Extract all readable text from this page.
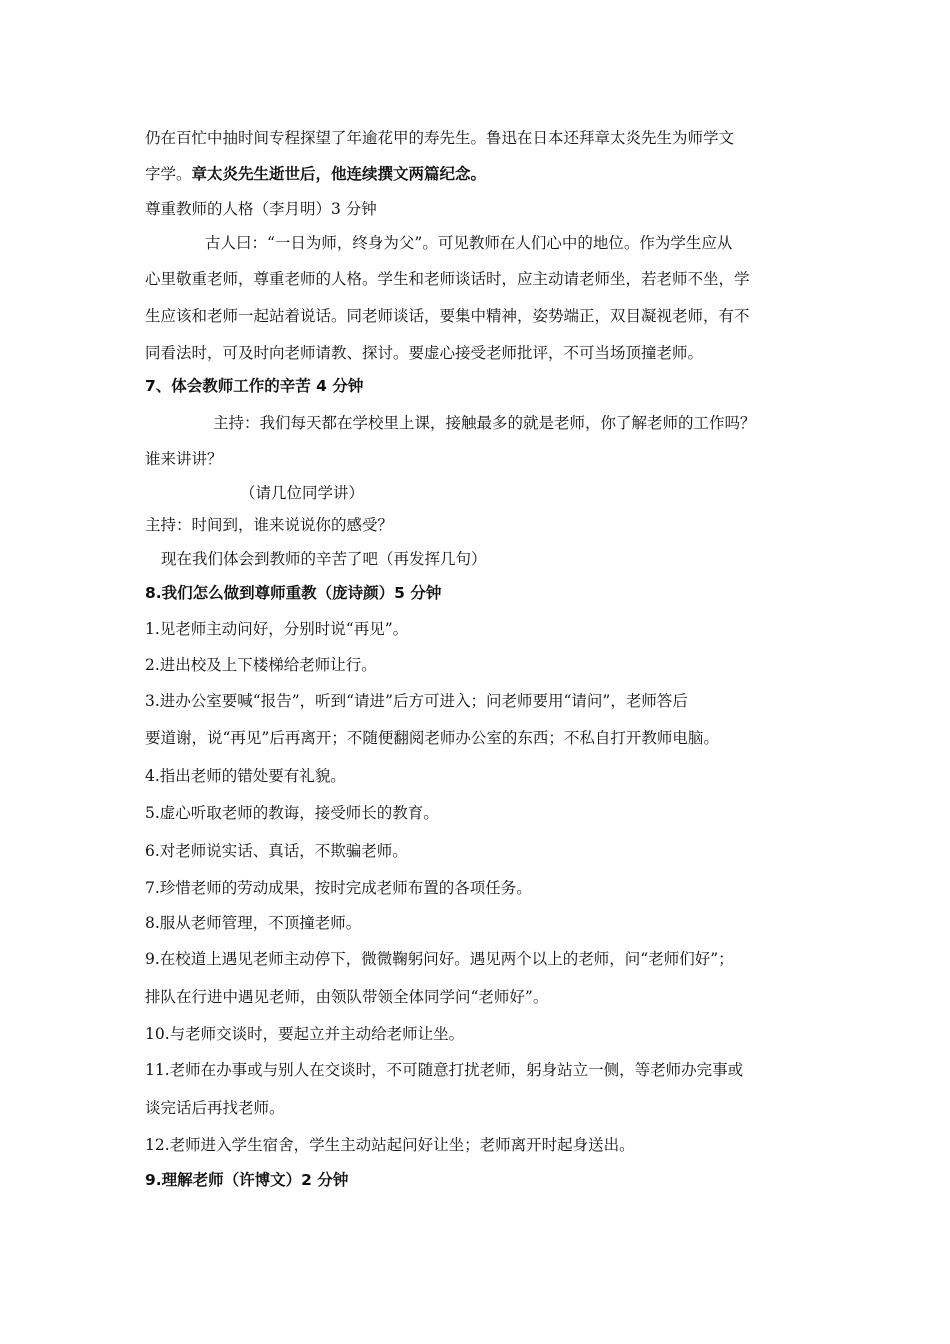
仍在百忙中抽时间专程探望了年逾花甲的寿先生。鲁迅在日本还拜章太炎先生为师学文
字学。章太炎先生逝世后，他连续撰文两篇纪念。
尊重教师的人格（李月明）3 分钟
古人曰：“一日为师，终身为父”。可见教师在人们心中的地位。作为学生应从
心里敬重老师，尊重老师的人格。学生和老师谈话时，应主动请老师坐，若老师不坐，学
生应该和老师一起站着说话。同老师谈话，要集中精神，姿势端正，双目凝视老师，有不
同看法时，可及时向老师请教、探讨。要虚心接受老师批评，不可当场顶撞老师。
7、体会教师工作的辛苦 4 分钟
主持：我们每天都在学校里上课，接触最多的就是老师，你了解老师的工作吗？
谁来讲讲？
（请几位同学讲）
主持：时间到，谁来说说你的感受？
现在我们体会到教师的辛苦了吧（再发挥几句）
8.我们怎么做到尊师重教（庞诗颜）5 分钟
1.见老师主动问好，分别时说“再见”。
2.进出校及上下楼梯给老师让行。
3.进办公室要喊“报告”，听到“请进”后方可进入；问老师要用“请问”，老师答后
要道谢，说“再见”后再离开；不随便翻阅老师办公室的东西；不私自打开教师电脑。
4.指出老师的错处要有礼貌。
5.虚心听取老师的教诲，接受师长的教育。
6.对老师说实话、真话，不欺骗老师。
7.珍惜老师的劳动成果，按时完成老师布置的各项任务。
8.服从老师管理，不顶撞老师。
9.在校道上遇见老师主动停下，微微鞠躬问好。遇见两个以上的老师，问“老师们好”；
排队在行进中遇见老师，由领队带领全体同学问“老师好”。
10.与老师交谈时，要起立并主动给老师让坐。
11.老师在办事或与别人在交谈时，不可随意打扰老师，躬身站立一侧，等老师办完事或
谈完话后再找老师。
12.老师进入学生宿舍，学生主动站起问好让坐；老师离开时起身送出。
9.理解老师（许博文）2 分钟
